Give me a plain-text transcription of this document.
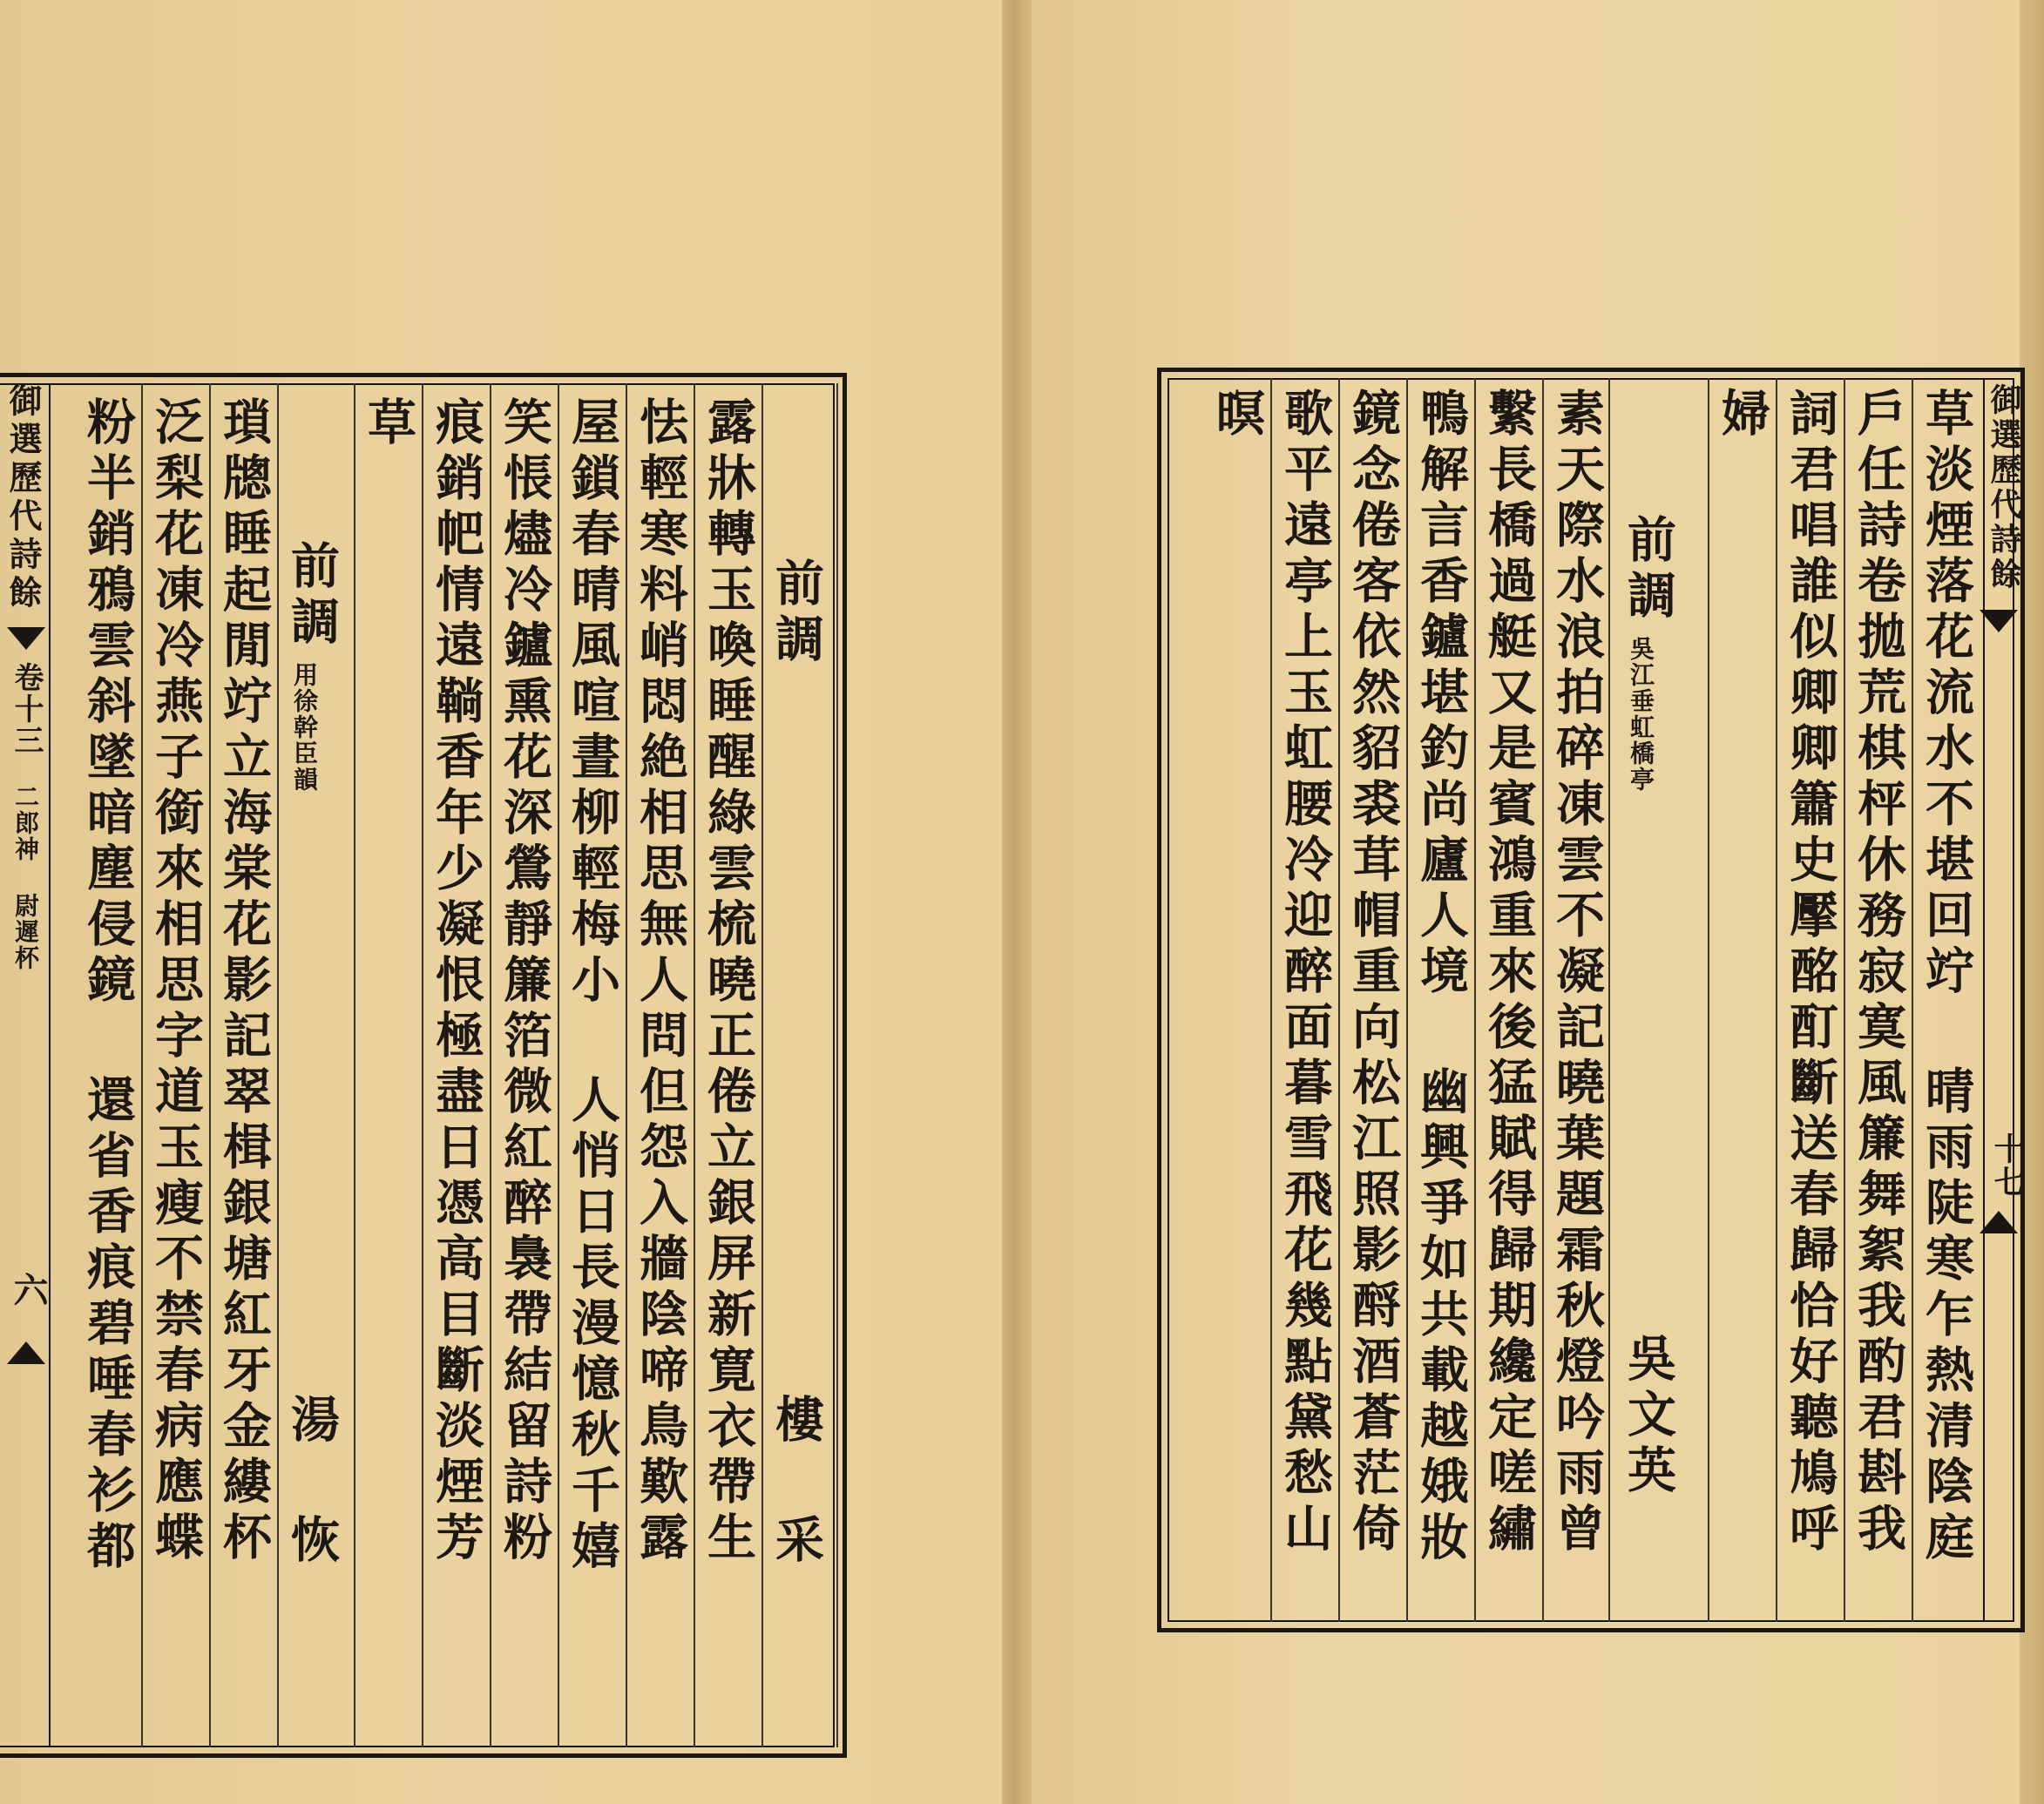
御選歷代詩餘
卷十三
二郎神 尉遲杯
六
前調
樓 采
露牀轉玉喚睡醒綠雲梳曉正倦立銀屏新寛衣帶生
怯輕寒料峭悶絶相思無人問但怨入牆陰啼鳥歎露
屋鎖春晴風喧晝柳輕梅小 人悄日長漫憶秋千嬉
笑悵燼冷鑪熏花深鶯靜簾箔微紅醉裊帶結留詩粉
痕銷帊情遠鞝香年少凝恨極盡日憑高目斷淡煙芳
草
前調
用徐幹臣韻
湯 恢
瑣牕睡起閒竚立海棠花影記翠楫銀塘紅牙金縷杯
泛梨花凍冷燕子銜來相思字道玉瘦不禁春病應蝶
粉半銷鴉雲斜墜暗塵侵鏡 還省香痕碧唾春衫都	御選歷代詩餘
十七
草淡煙落花流水不堪回竚 晴雨陡寒乍熱清陰庭
戶任詩卷拋荒棋枰休務寂寞風簾舞絮我酌君斟我
詞君唱誰似卿卿簫史擪酩酊斷送春歸恰好聽鳩呼
婦
前調
吳江垂虹橋亭
吳文英
素天際水浪拍碎凍雲不凝記曉葉題霜秋燈吟雨曾
繫長橋過艇又是賓鴻重來後猛賦得歸期纔定嗟繡
鴨解言香鑪堪釣尚廬人境 幽興爭如共載越娥妝
鏡念倦客依然貂裘茸帽重向松江照影酹酒蒼茫倚
歌平遠亭上玉虹腰冷迎醉面暮雪飛花幾點黛愁山
暝
